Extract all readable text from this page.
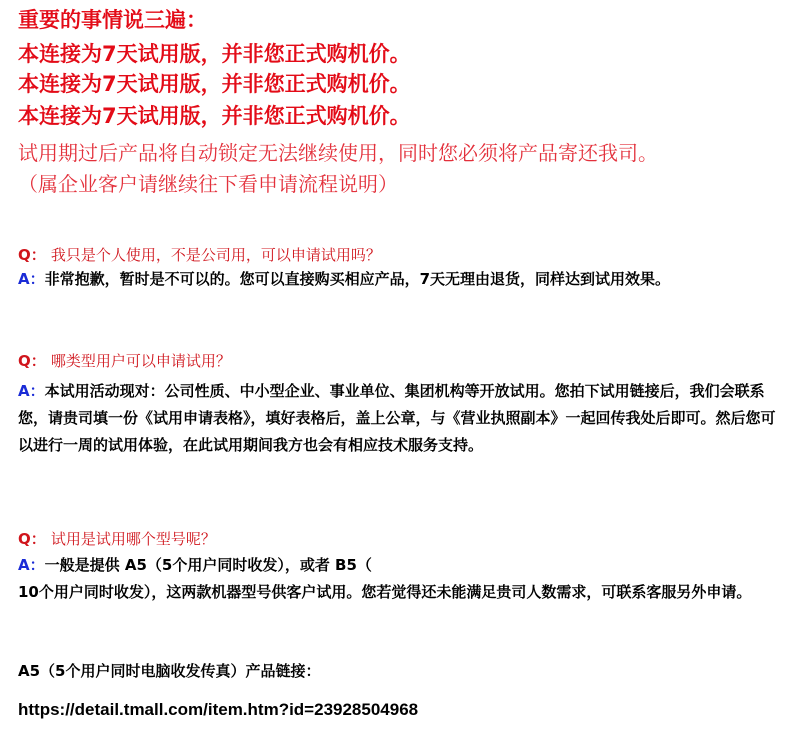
重要的事情说三遍：
本连接为7天试用版，并非您正式购机价。
本连接为7天试用版，并非您正式购机价。
本连接为7天试用版，并非您正式购机价。
试用期过后产品将自动锁定无法继续使用，同时您必须将产品寄还我司。
（属企业客户请继续往下看申请流程说明）
Q： 我只是个人使用，不是公司用，可以申请试用吗？
A：非常抱歉，暂时是不可以的。您可以直接购买相应产品，7天无理由退货，同样达到试用效果。
Q： 哪类型用户可以申请试用？
A：本试用活动现对：公司性质、中小型企业、事业单位、集团机构等开放试用。您拍下试用链接后，我们会联系您，请贵司填一份《试用申请表格》，填好表格后，盖上公章，与《营业执照副本》一起回传我处后即可。然后您可以进行一周的试用体验，在此试用期间我方也会有相应技术服务支持。
Q： 试用是试用哪个型号呢？
A：一般是提供 A5（5个用户同时收发），或者 B5（
10个用户同时收发），这两款机器型号供客户试用。您若觉得还未能满足贵司人数需求，可联系客服另外申请。
A5（5个用户同时电脑收发传真）产品链接：
https://detail.tmall.com/item.htm?id=23928504968
